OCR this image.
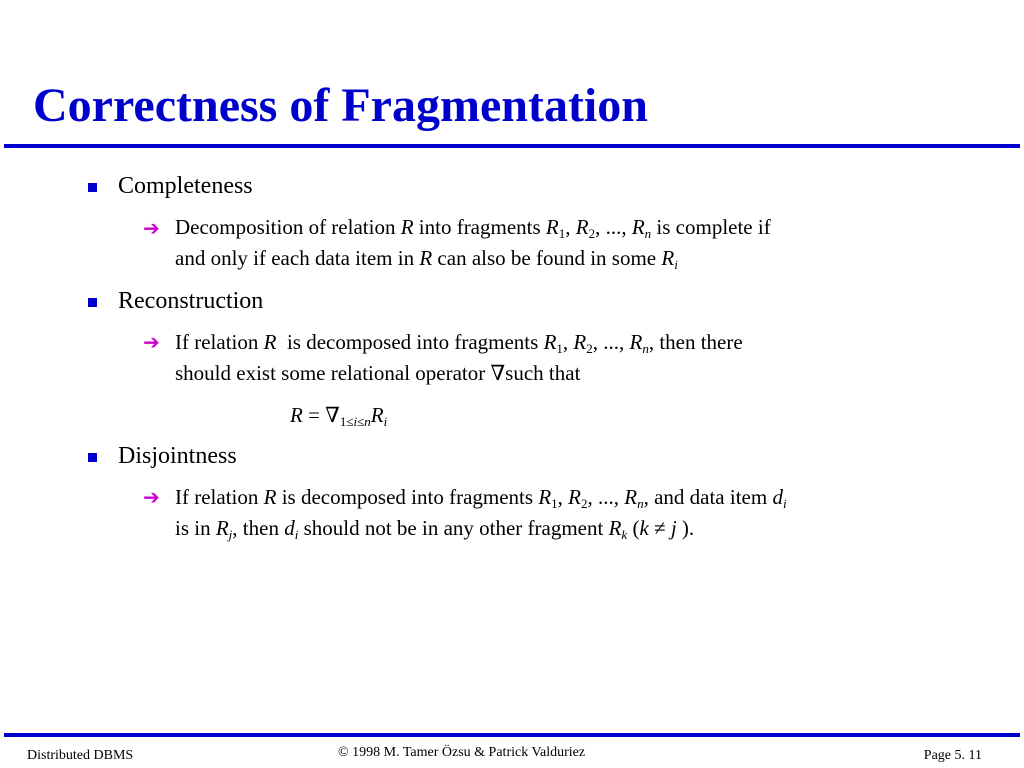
Correctness of Fragmentation
Completeness
➔ Decomposition of relation R into fragments $R_1$, $R_2$, ..., $R_n$ is complete if
and only if each data item in R can also be found in some $R_i$
Reconstruction
➔ If relation R  is decomposed into fragments $R_1$, $R_2$, ..., $R_n$, then there
should exist some relational operator ∇such that
$R = \nabla_{1\le i\le n}R_i$
Disjointness
➔ If relation R is decomposed into fragments $R_1$, $R_2$, ..., $R_n$, and data item $d_i$
is in $R_j$, then $d_i$ should not be in any other fragment $R_k$ (k ≠ j ).
Distributed DBMS	© 1998 M. Tamer Özsu & Patrick Valduriez	Page 5. 11
